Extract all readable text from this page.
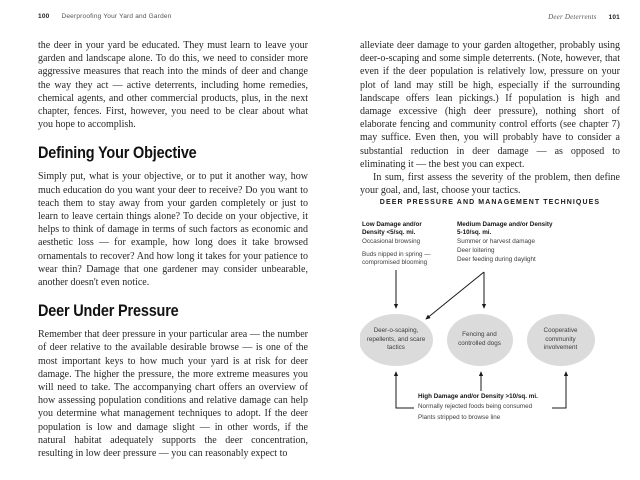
100 Deerproofing Your Yard and Garden

the deer in your yard be educated. They must learn to leave your garden and landscape alone. To do this, we need to consider more aggressive measures that reach into the minds of deer and change the way they act — active deterrents, including home remedies, chemical agents, and other commercial products, plus, in the next chapter, fences. First, however, you need to be clear about what you hope to accomplish.

Defining Your Objective

Simply put, what is your objective, or to put it another way, how much education do you want your deer to receive? Do you want to teach them to stay away from your garden completely or just to learn to leave certain things alone? To decide on your objective, it helps to think of damage in terms of such factors as economic and aesthetic loss — for example, how long does it take browsed ornamentals to recover? And how long it takes for your patience to wear thin? Damage that one gardener may consider unbearable, another doesn't even notice.

Deer Under Pressure

Remember that deer pressure in your particular area — the number of deer relative to the available desirable browse — is one of the most important keys to how much your yard is at risk for deer damage. The higher the pressure, the more extreme measures you will need to take. The accompanying chart offers an overview of how assessing population conditions and relative damage can help you determine what management techniques to adopt. If the deer population is low and damage slight — in other words, if the natural habitat adequately supports the deer concentration, resulting in low deer pressure — you can reasonably expect to

Deer Deterrents 101

alleviate deer damage to your garden altogether, probably using deer-o-scaping and some simple deterrents. (Note, however, that even if the deer population is relatively low, pressure on your plot of land may still be high, especially if the surrounding landscape offers lean pickings.) If population is high and damage excessive (high deer pressure), nothing short of elaborate fencing and community control efforts (see chapter 7) may suffice. Even then, you will probably have to consider a substantial reduction in deer damage — as opposed to eliminating it — the best you can expect.

In sum, first assess the severity of the problem, then define your goal, and, last, choose your tactics.

DEER PRESSURE AND MANAGEMENT TECHNIQUES
Low Damage and/or Density <5/sq. mi.
Occasional browsing
Buds nipped in spring — compromised blooming
Medium Damage and/or Density 5-10/sq. mi.
Summer or harvest damage
Deer loitering
Deer feeding during daylight
Deer-o-scaping, repellents, and scare tactics
Fencing and controlled dogs
Cooperative community involvement
High Damage and/or Density >10/sq. mi.
Normally rejected foods being consumed
Plants stripped to browse line
